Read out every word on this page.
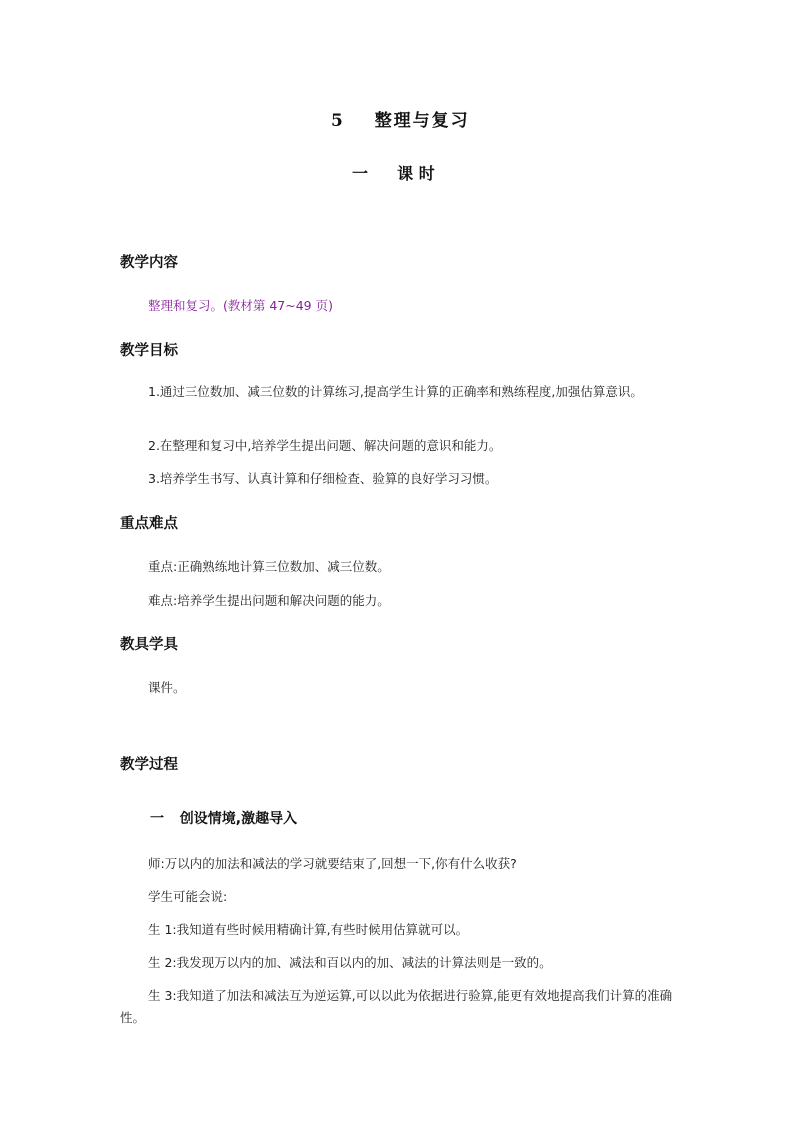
5 整理与复习
一 课 时
教学内容
整理和复习。(教材第 47~49 页)
教学目标
1.通过三位数加、减三位数的计算练习,提高学生计算的正确率和熟练程度,加强估算意识。
2.在整理和复习中,培养学生提出问题、解决问题的意识和能力。
3.培养学生书写、认真计算和仔细检查、验算的良好学习习惯。
重点难点
重点:正确熟练地计算三位数加、减三位数。
难点:培养学生提出问题和解决问题的能力。
教具学具
课件。
教学过程
一 创设情境,激趣导入
师:万以内的加法和减法的学习就要结束了,回想一下,你有什么收获?
学生可能会说:
生 1:我知道有些时候用精确计算,有些时候用估算就可以。
生 2:我发现万以内的加、减法和百以内的加、减法的计算法则是一致的。
生 3:我知道了加法和减法互为逆运算,可以以此为依据进行验算,能更有效地提高我们计算的准确性。
